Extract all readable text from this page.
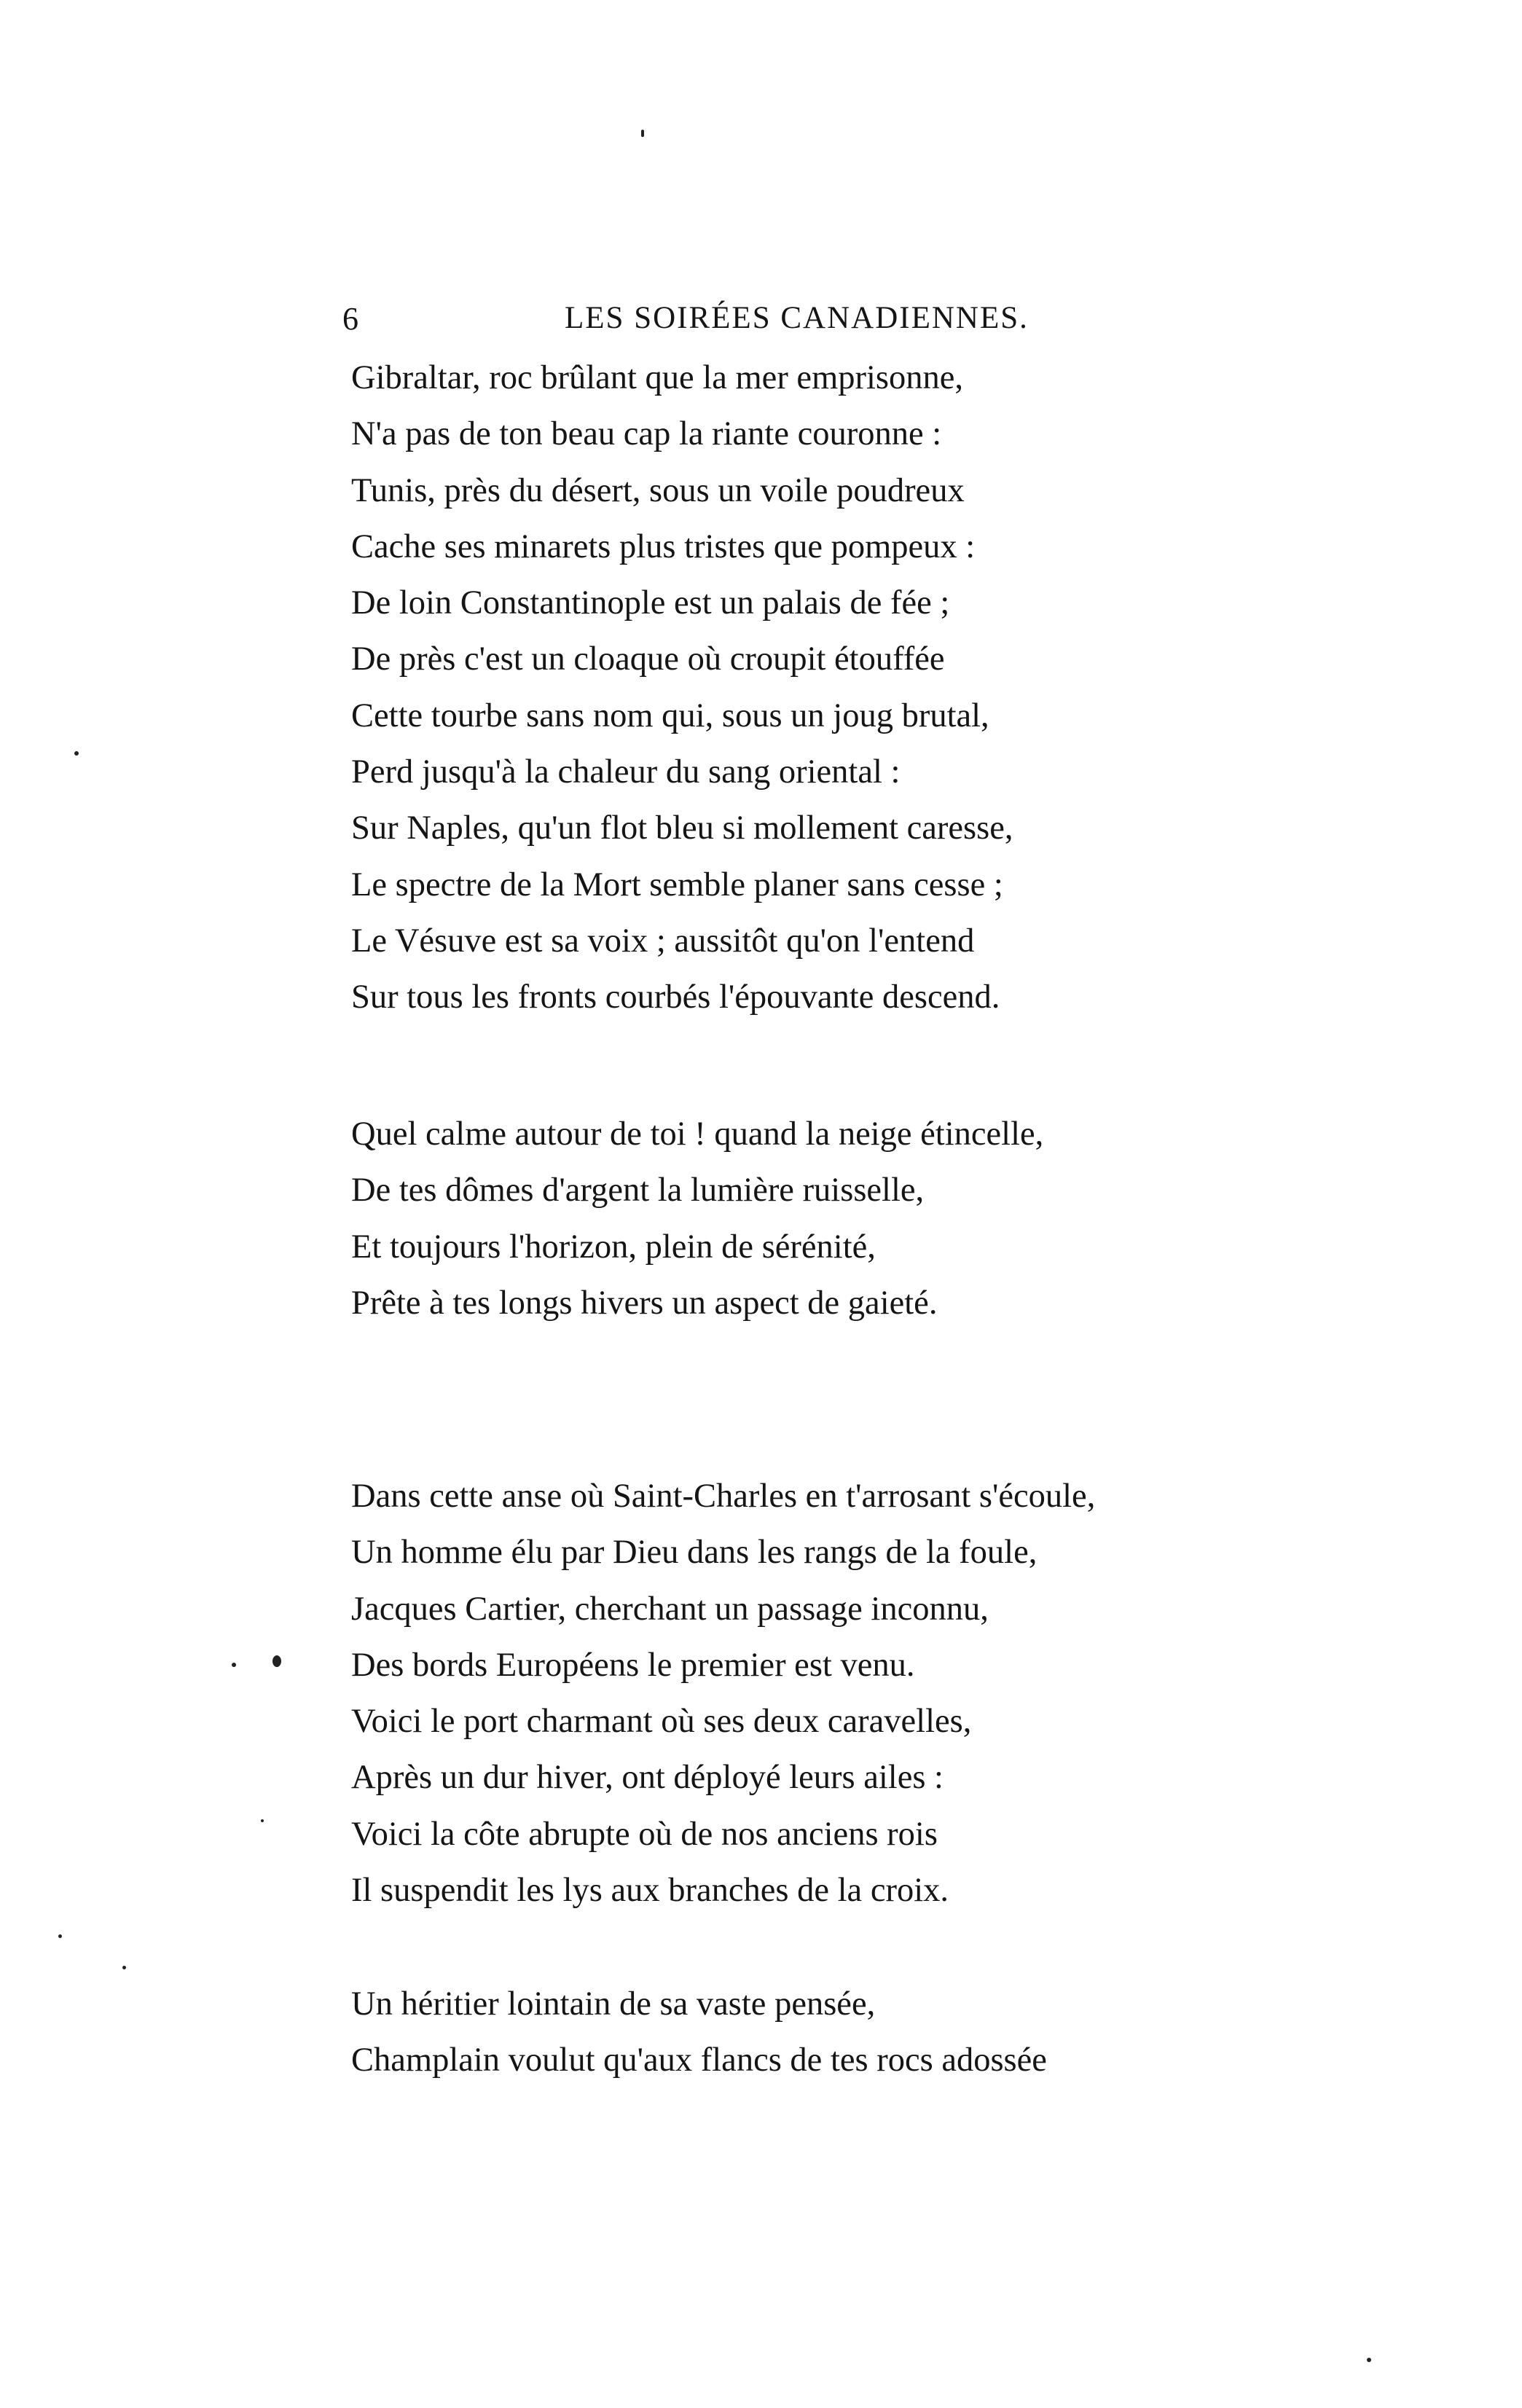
6	LES SOIRÉES CANADIENNES.
Gibraltar, roc brûlant que la mer emprisonne,
N'a pas de ton beau cap la riante couronne :
Tunis, près du désert, sous un voile poudreux
Cache ses minarets plus tristes que pompeux :
De loin Constantinople est un palais de fée ;
De près c'est un cloaque où croupit étouffée
Cette tourbe sans nom qui, sous un joug brutal,
Perd jusqu'à la chaleur du sang oriental :
Sur Naples, qu'un flot bleu si mollement caresse,
Le spectre de la Mort semble planer sans cesse ;
Le Vésuve est sa voix ; aussitôt qu'on l'entend
Sur tous les fronts courbés l'épouvante descend.
Quel calme autour de toi ! quand la neige étincelle,
De tes dômes d'argent la lumière ruisselle,
Et toujours l'horizon, plein de sérénité,
Prête à tes longs hivers un aspect de gaieté.
Dans cette anse où Saint-Charles en t'arrosant s'écoule,
Un homme élu par Dieu dans les rangs de la foule,
Jacques Cartier, cherchant un passage inconnu,
Des bords Européens le premier est venu.
Voici le port charmant où ses deux caravelles,
Après un dur hiver, ont déployé leurs ailes :
Voici la côte abrupte où de nos anciens rois
Il suspendit les lys aux branches de la croix.
Un héritier lointain de sa vaste pensée,
Champlain voulut qu'aux flancs de tes rocs adossée
